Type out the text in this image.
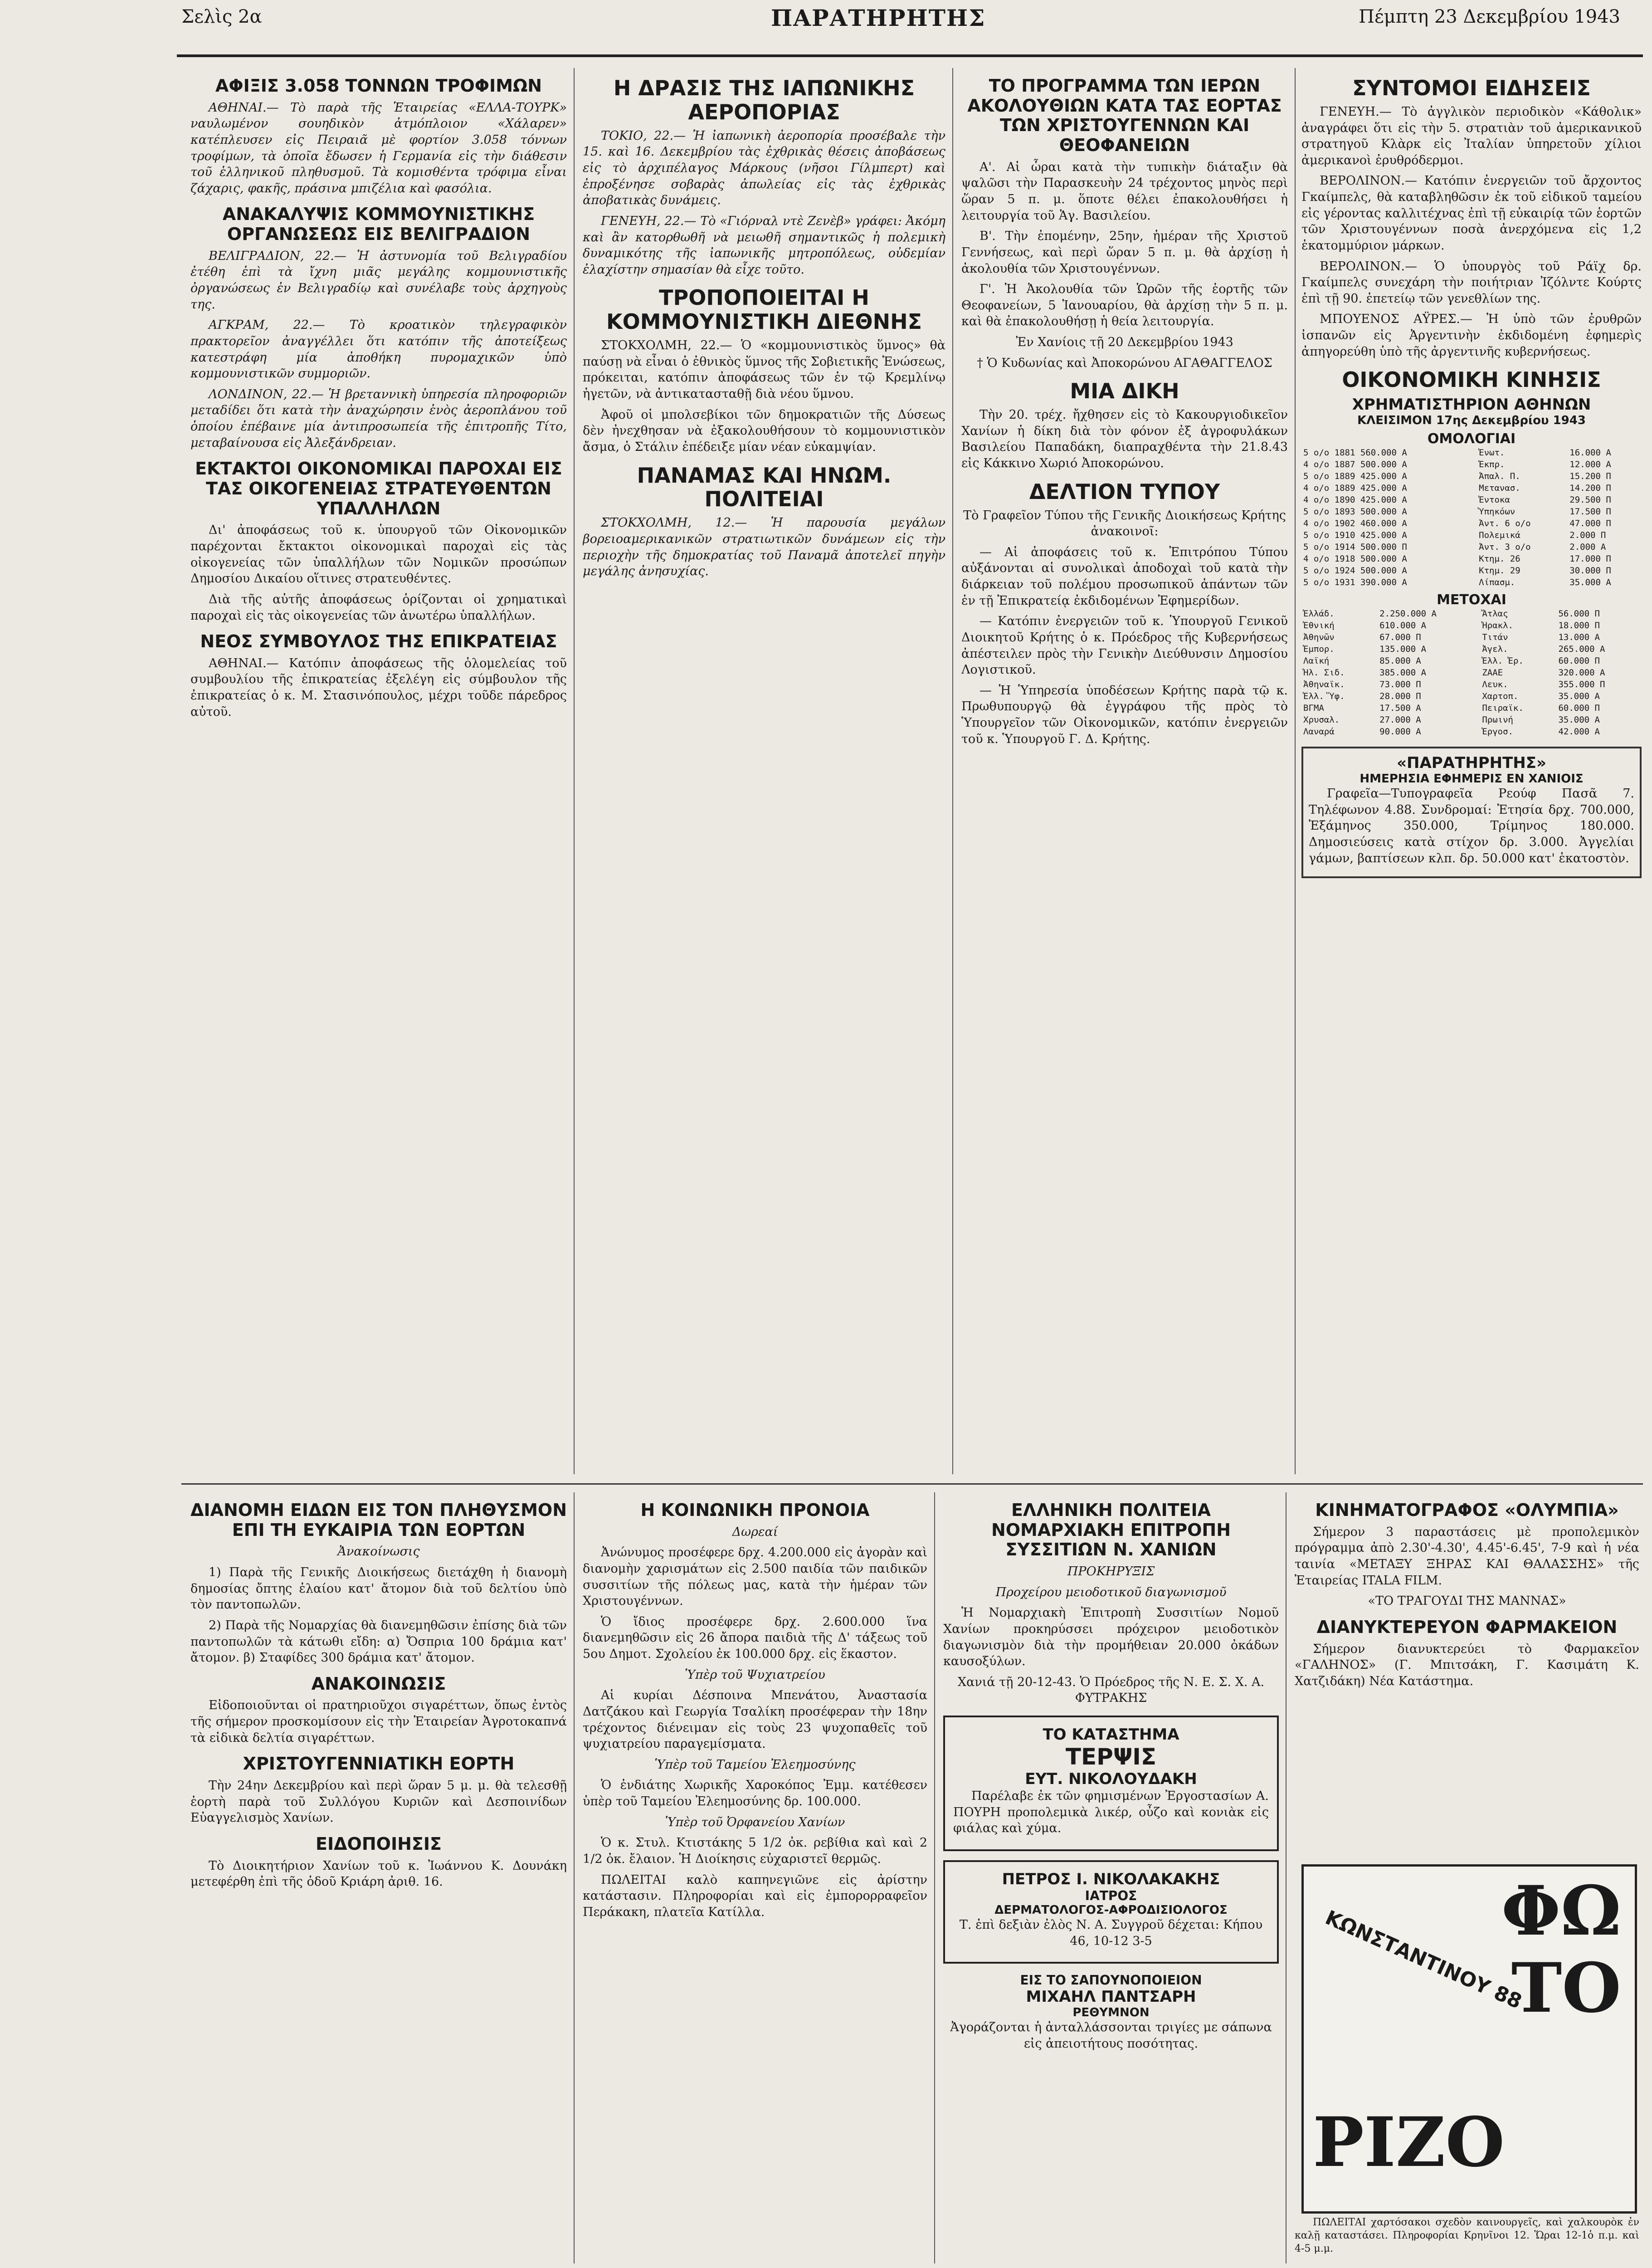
Σελὶς 2α	ΠΑΡΑΤΗΡΗΤΗΣ	Πέμπτη 23 Δεκεμβρίου 1943
ΑΦΙΞΙΣ 3.058 ΤΟΝΝΩΝ ΤΡΟΦΙΜΩΝ

ΑΘΗΝΑΙ.— Τὸ παρὰ τῆς Ἑταιρείας «ΕΛΛΑ-ΤΟΥΡΚ» ναυλωμένον σουηδικὸν ἀτμόπλοιον «Χάλαρεν» κατέπλευσεν εἰς Πειραιᾶ μὲ φορτίον 3.058 τόννων τροφίμων, τὰ ὁποῖα ἔδωσεν ἡ Γερμανία εἰς τὴν διάθεσιν τοῦ ἑλληνικοῦ πληθυσμοῦ. Τὰ κομισθέντα τρόφιμα εἶναι ζάχαρις, φακῆς, πράσινα μπιζέλια καὶ φασόλια.

ΑΝΑΚΑΛΥΨΙΣ ΚΟΜΜΟΥΝΙΣΤΙΚΗΣ ΟΡΓΑΝΩΣΕΩΣ ΕΙΣ ΒΕΛΙΓΡΑΔΙΟΝ

ΒΕΛΙΓΡΑΔΙΟΝ, 22.— Ἡ ἀστυνομία τοῦ Βελιγραδίου ἐτέθη ἐπὶ τὰ ἴχνη μιᾶς μεγάλης κομμουνιστικῆς ὀργανώσεως ἐν Βελιγραδίῳ καὶ συνέλαβε τοὺς ἀρχηγοὺς της.

ΑΓΚΡΑΜ, 22.— Τὸ κροατικὸν τηλεγραφικὸν πρακτορεῖον ἀναγγέλλει ὅτι κατόπιν τῆς ἀποτείξεως κατεστράφη μία ἀποθήκη πυρομαχικῶν ὑπὸ κομμουνιστικῶν συμμοριῶν.

ΛΟΝΔΙΝΟΝ, 22.— Ἡ βρεταννικὴ ὑπηρεσία πληροφοριῶν μεταδίδει ὅτι κατὰ τὴν ἀναχώρησιν ἑνὸς ἀεροπλάνου τοῦ ὁποίου ἐπέβαινε μία ἀντιπροσωπεία τῆς ἐπιτροπῆς Τίτο, μεταβαίνουσα εἰς Ἀλεξάνδρειαν.

ΕΚΤΑΚΤΟΙ ΟΙΚΟΝΟΜΙΚΑΙ ΠΑΡΟΧΑΙ ΕΙΣ ΤΑΣ ΟΙΚΟΓΕΝΕΙΑΣ ΣΤΡΑΤΕΥΘΕΝΤΩΝ ΥΠΑΛΛΗΛΩΝ

Δι' ἀποφάσεως τοῦ κ. ὑπουργοῦ τῶν Οἰκονομικῶν παρέχονται ἔκτακτοι οἰκονομικαὶ παροχαὶ εἰς τὰς οἰκογενείας τῶν ὑπαλλήλων τῶν Νομικῶν προσώπων Δημοσίου Δικαίου οἵτινες στρατευθέντες.

Διὰ τῆς αὐτῆς ἀποφάσεως ὁρίζονται οἱ χρηματικαὶ παροχαὶ εἰς τὰς οἰκογενείας τῶν ἀνωτέρω ὑπαλλήλων.

ΝΕΟΣ ΣΥΜΒΟΥΛΟΣ ΤΗΣ ΕΠΙΚΡΑΤΕΙΑΣ

ΑΘΗΝΑΙ.— Κατόπιν ἀποφάσεως τῆς ὁλομελείας τοῦ συμβουλίου τῆς ἐπικρατείας ἐξελέγη εἰς σύμβουλον τῆς ἐπικρατείας ὁ κ. Μ. Στασινόπουλος, μέχρι τοῦδε πάρεδρος αὐτοῦ.

Η ΔΡΑΣΙΣ ΤΗΣ ΙΑΠΩΝΙΚΗΣ ΑΕΡΟΠΟΡΙΑΣ

ΤΟΚΙΟ, 22.— Ἡ ἰαπωνικὴ ἀεροπορία προσέβαλε τὴν 15. καὶ 16. Δεκεμβρίου τὰς ἐχθρικὰς θέσεις ἀποβάσεως εἰς τὸ ἀρχιπέλαγος Μάρκους (νῆσοι Γίλμπερτ) καὶ ἐπροξένησε σοβαρὰς ἀπωλείας εἰς τὰς ἐχθρικὰς ἀποβατικὰς δυνάμεις.

ΓΕΝΕΥΗ, 22.— Τὸ «Γιόρναλ ντὲ Ζενὲβ» γράφει: Ἀκόμη καὶ ἂν κατορθωθῆ νὰ μειωθῆ σημαντικῶς ἡ πολεμικὴ δυναμικότης τῆς ἰαπωνικῆς μητροπόλεως, οὐδεμίαν ἐλαχίστην σημασίαν θὰ εἶχε τοῦτο.

ΤΡΟΠΟΠΟΙΕΙΤΑΙ Η ΚΟΜΜΟΥΝΙΣΤΙΚΗ ΔΙΕΘΝΗΣ

ΣΤΟΚΧΟΛΜΗ, 22.— Ὁ «κομμουνιστικὸς ὕμνος» θὰ παύσῃ νὰ εἶναι ὁ ἐθνικὸς ὕμνος τῆς Σοβιετικῆς Ἑνώσεως, πρόκειται, κατόπιν ἀποφάσεως τῶν ἐν τῷ Κρεμλίνῳ ἡγετῶν, νὰ ἀντικατασταθῇ διὰ νέου ὕμνου.

Ἀφοῦ οἱ μπολσεβίκοι τῶν δημοκρατιῶν τῆς Δύσεως δὲν ἠνεχθησαν νὰ ἐξακολουθήσουν τὸ κομμουνιστικὸν ἄσμα, ὁ Στάλιν ἐπέδειξε μίαν νέαν εὐκαμψίαν.

ΠΑΝΑΜΑΣ ΚΑΙ ΗΝΩΜ. ΠΟΛΙΤΕΙΑΙ

ΣΤΟΚΧΟΛΜΗ, 12.— Ἡ παρουσία μεγάλων βορειοαμερικανικῶν στρατιωτικῶν δυνάμεων εἰς τὴν περιοχὴν τῆς δημοκρατίας τοῦ Παναμᾶ ἀποτελεῖ πηγὴν μεγάλης ἀνησυχίας.

ΤΟ ΠΡΟΓΡΑΜΜΑ ΤΩΝ ΙΕΡΩΝ ΑΚΟΛΟΥΘΙΩΝ ΚΑΤΑ ΤΑΣ ΕΟΡΤΑΣ ΤΩΝ ΧΡΙΣΤΟΥΓΕΝΝΩΝ ΚΑΙ ΘΕΟΦΑΝΕΙΩΝ

Α'. Αἱ ὧραι κατὰ τὴν τυπικὴν διάταξιν θὰ ψαλῶσι τὴν Παρασκευὴν 24 τρέχοντος μηνὸς περὶ ὥραν 5 π. μ. ὅποτε θέλει ἐπακολουθήσει ἡ λειτουργία τοῦ Ἁγ. Βασιλείου.

Β'. Τὴν ἐπομένην, 25ην, ἡμέραν τῆς Χριστοῦ Γεννήσεως, καὶ περὶ ὥραν 5 π. μ. θὰ ἀρχίσῃ ἡ ἀκολουθία τῶν Χριστουγέννων.

Γ'. Ἡ Ἀκολουθία τῶν Ὡρῶν τῆς ἑορτῆς τῶν Θεοφανείων, 5 Ἰανουαρίου, θὰ ἀρχίσῃ τὴν 5 π. μ. καὶ θὰ ἐπακολουθήσῃ ἡ θεία λειτουργία.

Ἐν Χανίοις τῇ 20 Δεκεμβρίου 1943

† Ὁ Κυδωνίας καὶ Ἀποκορώνου ΑΓΑΘΑΓΓΕΛΟΣ

ΜΙΑ ΔΙΚΗ

Τὴν 20. τρέχ. ἤχθησεν εἰς τὸ Κακουργιοδικεῖον Χανίων ἡ δίκη διὰ τὸν φόνον ἐξ ἀγροφυλάκων Βασιλείου Παπαδάκη, διαπραχθέντα τὴν 21.8.43 εἰς Κάκκινο Χωριό Ἀποκορώνου.

ΔΕΛΤΙΟΝ ΤΥΠΟΥ

Τὸ Γραφεῖον Τύπου τῆς Γενικῆς Διοικήσεως Κρήτης ἀνακοινοῖ:

— Αἱ ἀποφάσεις τοῦ κ. Ἐπιτρόπου Τύπου αὐξάνονται αἱ συνολικαὶ ἀποδοχαὶ τοῦ κατὰ τὴν διάρκειαν τοῦ πολέμου προσωπικοῦ ἁπάντων τῶν ἐν τῇ Ἐπικρατείᾳ ἐκδιδομένων Ἐφημερίδων.

— Κατόπιν ἐνεργειῶν τοῦ κ. Ὑπουργοῦ Γενικοῦ Διοικητοῦ Κρήτης ὁ κ. Πρόεδρος τῆς Κυβερνήσεως ἀπέστειλεν πρὸς τὴν Γενικὴν Διεύθυνσιν Δημοσίου Λογιστικοῦ.

— Ἡ Ὑπηρεσία ὑποδέσεων Κρήτης παρὰ τῷ κ. Πρωθυπουργῷ θὰ ἐγγράφου τῆς πρὸς τὸ Ὑπουργεῖον τῶν Οἰκονομικῶν, κατόπιν ἐνεργειῶν τοῦ κ. Ὑπουργοῦ Γ. Δ. Κρήτης.

ΣΥΝΤΟΜΟΙ ΕΙΔΗΣΕΙΣ

ΓΕΝΕΥΗ.— Τὸ ἀγγλικὸν περιοδικὸν «Κάθολικ» ἀναγράφει ὅτι εἰς τὴν 5. στρατιὰν τοῦ ἀμερικανικοῦ στρατηγοῦ Κλὰρκ εἰς Ἰταλίαν ὑπηρετοῦν χίλιοι ἀμερικανοὶ ἐρυθρόδερμοι.

ΒΕΡΟΛΙΝΟΝ.— Κατόπιν ἐνεργειῶν τοῦ ἄρχοντος Γκαίμπελς, θὰ καταβληθῶσιν ἐκ τοῦ εἰδικοῦ ταμείου εἰς γέροντας καλλιτέχνας ἐπὶ τῇ εὐκαιρίᾳ τῶν ἑορτῶν τῶν Χριστουγέννων ποσὰ ἀνερχόμενα εἰς 1,2 ἑκατομμύριον μάρκων.

ΒΕΡΟΛΙΝΟΝ.— Ὁ ὑπουργὸς τοῦ Ράϊχ δρ. Γκαίμπελς συνεχάρη τὴν ποιήτριαν Ἰζόλντε Κούρτς ἐπὶ τῇ 90. ἐπετείῳ τῶν γενεθλίων της.

ΜΠΟΥΕΝΟΣ ΑΫΡΕΣ.— Ἡ ὑπὸ τῶν ἐρυθρῶν ἰσπανῶν εἰς Ἀργεντινὴν ἐκδιδομένη ἐφημερὶς ἀπηγορεύθη ὑπὸ τῆς ἀργεντινῆς κυβερνήσεως.

ΟΙΚΟΝΟΜΙΚΗ ΚΙΝΗΣΙΣ
ΧΡΗΜΑΤΙΣΤΗΡΙΟΝ ΑΘΗΝΩΝ
ΚΛΕΙΣΙΜΟΝ 17ης Δεκεμβρίου 1943
ΟΜΟΛΟΓΙΑΙ
5 ο/ο 1881 560.000 Α	Ἑνωτ.	16.000 Α
4 ο/ο 1887 500.000 Α	Ἐκπρ.	12.000 Α
5 ο/ο 1889 425.000 Α	Ἀπαλ. Π.	15.200 Π
4 ο/ο 1889 425.000 Α	Μετανασ.	14.200 Π
4 ο/ο 1890 425.000 Α	Ἐντοκα	29.500 Π
5 ο/ο 1893 500.000 Α	Ὑπηκόων	17.500 Π
4 ο/ο 1902 460.000 Α	Ἀντ. 6 ο/ο	47.000 Π
5 ο/ο 1910 425.000 Α	Πολεμικά	2.000 Π
5 ο/ο 1914 500.000 Π	Ἀντ. 3 ο/ο	2.000 Α
4 ο/ο 1918 500.000 Α	Κτημ. 26	17.000 Π
5 ο/ο 1924 500.000 Α	Κτημ. 29	30.000 Π
5 ο/ο 1931 390.000 Α	Λίπασμ.	35.000 Α
ΜΕΤΟΧΑΙ
Ἐλλάδ.	2.250.000 Α	Ἄτλας	56.000 Π
Ἐθνική	610.000 Α	Ἡρακλ.	18.000 Π
Ἀθηνῶν	67.000 Π	Τιτάν	13.000 Α
Ἐμπορ.	135.000 Α	Ἀγελ.	265.000 Α
Λαϊκή	85.000 Α	Ἑλλ. Ἐρ.	60.000 Π
Ἠλ. Σιδ.	385.000 Α	ΖΑΑΕ	320.000 Α
Ἀθηναϊκ.	73.000 Π	Λευκ.	355.000 Π
Ἑλλ. Ὕφ.	28.000 Π	Χαρτοπ.	35.000 Α
ΒΓΜΑ	17.500 Α	Πειραϊκ.	60.000 Π
Χρυσαλ.	27.000 Α	Πρωινή	35.000 Α
Λαναρά	90.000 Α	Ἐργοσ.	42.000 Α
«ΠΑΡΑΤΗΡΗΤΗΣ»
ΗΜΕΡΗΣΙΑ ΕΦΗΜΕΡΙΣ ΕΝ ΧΑΝΙΟΙΣ

Γραφεῖα—Τυπογραφεῖα Ρεούφ Πασᾶ 7. Τηλέφωνον 4.88. Συνδρομαί: Ἐτησία δρχ. 700.000, Ἐξάμηνος 350.000, Τρίμηνος 180.000. Δημοσιεύσεις κατὰ στίχον δρ. 3.000. Ἀγγελίαι γάμων, βαπτίσεων κλπ. δρ. 50.000 κατ' ἑκατοστὸν.

ΔΙΑΝΟΜΗ ΕΙΔΩΝ ΕΙΣ ΤΟΝ ΠΛΗΘΥΣΜΟΝ ΕΠΙ ΤΗ ΕΥΚΑΙΡΙΑ ΤΩΝ ΕΟΡΤΩΝ

Ἀνακοίνωσις

1) Παρὰ τῆς Γενικῆς Διοικήσεως διετάχθη ἡ διανομὴ δημοσίας ὄπτης ἐλαίου κατ' ἄτομον διὰ τοῦ δελτίου ὑπὸ τὸν παντοπωλῶν.

2) Παρὰ τῆς Νομαρχίας θὰ διανεμηθῶσιν ἐπίσης διὰ τῶν παντοπωλῶν τὰ κάτωθι εἴδη: α) Ὄσπρια 100 δράμια κατ' ἄτομον. β) Σταφίδες 300 δράμια κατ' ἄτομον.

ΑΝΑΚΟΙΝΩΣΙΣ

Εἰδοποιοῦνται οἱ πρατηριοῦχοι σιγαρέττων, ὅπως ἐντὸς τῆς σήμερον προσκομίσουν εἰς τὴν Ἑταιρείαν Ἀγροτοκαπνά τὰ εἰδικὰ δελτία σιγαρέττων.

ΧΡΙΣΤΟΥΓΕΝΝΙΑΤΙΚΗ ΕΟΡΤΗ

Τὴν 24ην Δεκεμβρίου καὶ περὶ ὥραν 5 μ. μ. θὰ τελεσθῇ ἑορτὴ παρὰ τοῦ Συλλόγου Κυριῶν καὶ Δεσποινίδων Εὐαγγελισμὸς Χανίων.

ΕΙΔΟΠΟΙΗΣΙΣ

Τὸ Διοικητήριον Χανίων τοῦ κ. Ἰωάννου Κ. Δουνάκη μετεφέρθη ἐπὶ τῆς ὁδοῦ Κριάρη ἀριθ. 16.

Η ΚΟΙΝΩΝΙΚΗ ΠΡΟΝΟΙΑ

Δωρεαί

Ἀνώνυμος προσέφερε δρχ. 4.200.000 εἰς ἀγορὰν καὶ διανομὴν χαρισμάτων εἰς 2.500 παιδία τῶν παιδικῶν συσσιτίων τῆς πόλεως μας, κατὰ τὴν ἡμέραν τῶν Χριστουγέννων.

Ὁ ἴδιος προσέφερε δρχ. 2.600.000 ἵνα διανεμηθῶσιν εἰς 26 ἄπορα παιδιὰ τῆς Δ' τάξεως τοῦ 5ου Δημοτ. Σχολείου ἐκ 100.000 δρχ. εἰς ἕκαστον.

Ὑπὲρ τοῦ Ψυχιατρείου

Αἱ κυρίαι Δέσποινα Μπενάτου, Ἀναστασία Δατζάκου καὶ Γεωργία Τσαλίκη προσέφεραν τὴν 18ην τρέχοντος διένειμαν εἰς τοὺς 23 ψυχοπαθεῖς τοῦ ψυχιατρείου παραγεμίσματα.

Ὑπὲρ τοῦ Ταμείου Ἐλεημοσύνης

Ὁ ἐνδιάτης Χωρικῆς Χαροκόπος Ἐμμ. κατέθεσεν ὑπὲρ τοῦ Ταμείου Ἐλεημοσύνης δρ. 100.000.

Ὑπὲρ τοῦ Ὀρφανείου Χανίων

Ὁ κ. Στυλ. Κτιστάκης 5 1/2 ὀκ. ρεβίθια καὶ καὶ 2 1/2 ὀκ. ἔλαιον. Ἡ Διοίκησις εὐχαριστεῖ θερμῶς.

ΠΩΛΕΙΤΑΙ καλὸ καπηνεγιῶνε εἰς ἀρίστην κατάστασιν. Πληροφορίαι καὶ εἰς ἐμπορορραφεῖον Περάκακη, πλατεῖα Κατίλλα.

ΕΛΛΗΝΙΚΗ ΠΟΛΙΤΕΙΑ ΝΟΜΑΡΧΙΑΚΗ ΕΠΙΤΡΟΠΗ ΣΥΣΣΙΤΙΩΝ Ν. ΧΑΝΙΩΝ

ΠΡΟΚΗΡΥΞΙΣ

Προχείρου μειοδοτικοῦ διαγωνισμοῦ

Ἡ Νομαρχιακὴ Ἐπιτροπὴ Συσσιτίων Νομοῦ Χανίων προκηρύσσει πρόχειρον μειοδοτικὸν διαγωνισμὸν διὰ τὴν προμήθειαν 20.000 ὀκάδων καυσοξύλων.

Χανιά τῇ 20-12-43. Ὁ Πρόεδρος τῆς Ν. Ε. Σ. Χ. Α. ΦΥΤΡΑΚΗΣ

ΤΟ ΚΑΤΑΣΤΗΜΑ
ΤΕΡΨΙΣ
ΕΥΤ. ΝΙΚΟΛΟΥΔΑΚΗ

Παρέλαβε ἐκ τῶν φημισμένων Ἐργοστασίων Α. ΠΟΥΡΗ προπολεμικὰ λικέρ, οὖζο καὶ κονιὰκ εἰς φιάλας καὶ χύμα.

ΠΕΤΡΟΣ Ι. ΝΙΚΟΛΑΚΑΚΗΣ
ΙΑΤΡΟΣ
ΔΕΡΜΑΤΟΛΟΓΟΣ-ΑΦΡΟΔΙΣΙΟΛΟΓΟΣ

Τ. ἐπὶ δεξιὰν ἐλὸς Ν. Α. Συγγροῦ δέχεται: Κήπου 46, 10-12 3-5

ΕΙΣ ΤΟ ΣΑΠΟΥΝΟΠΟΙΕΙΟΝ
ΜΙΧΑΗΛ ΠΑΝΤΣΑΡΗ
ΡΕΘΥΜΝΟΝ

Ἀγοράζονται ἡ ἀνταλλάσσονται τριγίες με σάπωνα εἰς ἀπειοτήτους ποσότητας.

ΚΙΝΗΜΑΤΟΓΡΑΦΟΣ «ΟΛΥΜΠΙΑ»

Σήμερον 3 παραστάσεις μὲ προπολεμικὸν πρόγραμμα ἀπὸ 2.30'-4.30', 4.45'-6.45', 7-9 καὶ ἡ νέα ταινία «ΜΕΤΑΞΥ ΞΗΡΑΣ ΚΑΙ ΘΑΛΑΣΣΗΣ» τῆς Ἑταιρείας ITALA FILM.

«ΤΟ ΤΡΑΓΟΥΔΙ ΤΗΣ ΜΑΝΝΑΣ»

ΔΙΑΝΥΚΤΕΡΕΥΟΝ ΦΑΡΜΑΚΕΙΟΝ

Σήμερον διανυκτερεύει τὸ Φαρμακεῖον «ΓΑΛΗΝΟΣ» (Γ. Μπιτσάκη, Γ. Κασιμάτη Κ. Χατζιδάκη) Νέα Κατάστημα.

ΦΩ
ΤΟ
ΚΩΝΣΤΑΝΤΙΝΟΥ 88
ΡΙΖΟ

ΠΩΛΕΙΤΑΙ χαρτόσακοι σχεδὸν καινουργεῖς, καὶ χαλκουρὸκ ἐν καλῇ καταστάσει. Πληροφορίαι Κρηνῖνοι 12. Ὥραι 12-1ὁ π.μ. καὶ 4-5 μ.μ.
